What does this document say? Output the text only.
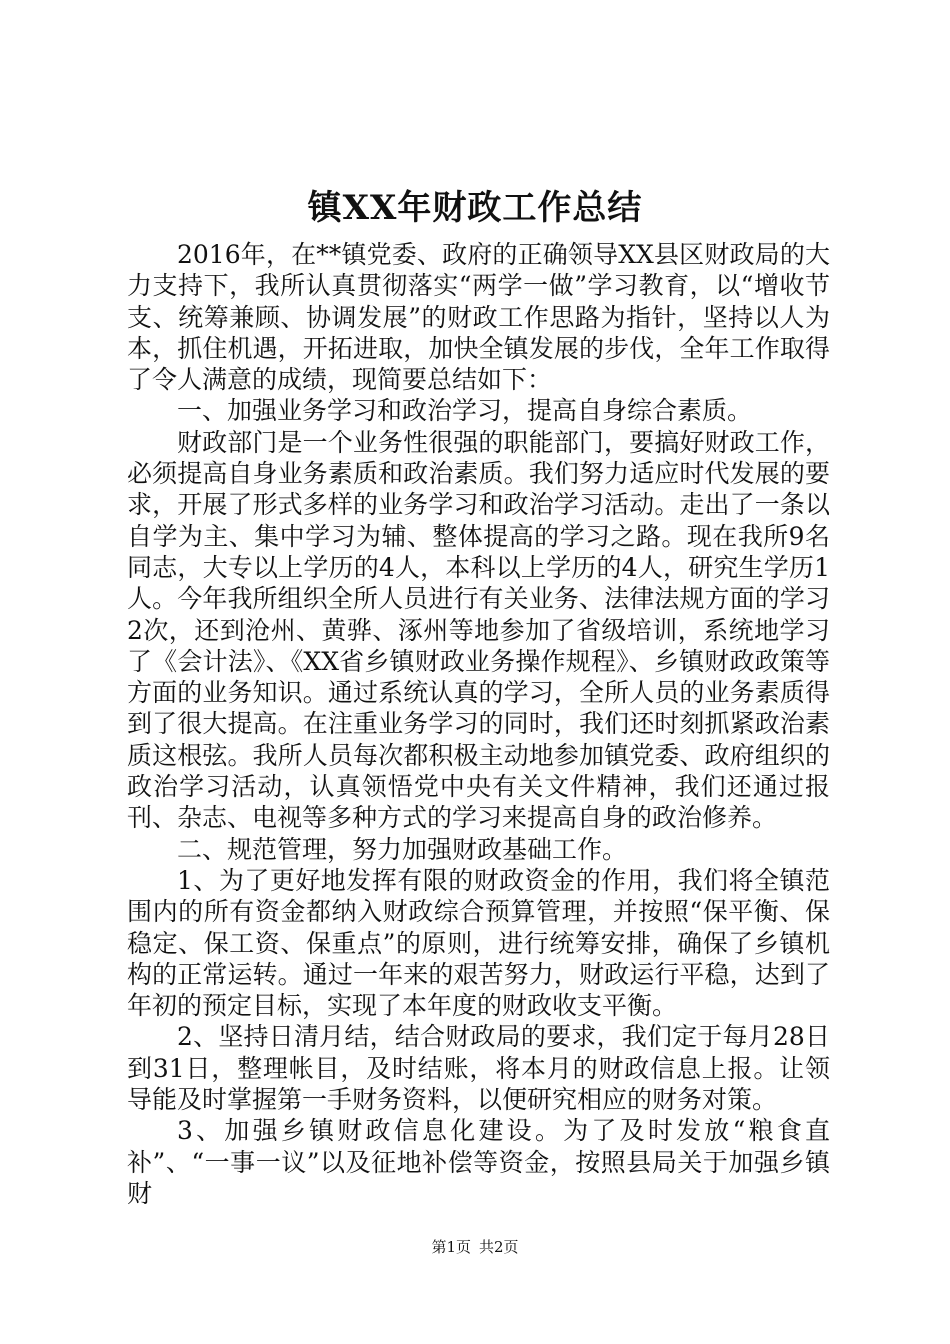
镇XX年财政工作总结

2016年，在**镇党委、政府的正确领导XX县区财政局的大力支持下，我所认真贯彻落实“两学一做”学习教育，以“增收节支、统筹兼顾、协调发展”的财政工作思路为指针，坚持以人为本，抓住机遇，开拓进取，加快全镇发展的步伐，全年工作取得了令人满意的成绩，现简要总结如下：

一、加强业务学习和政治学习，提高自身综合素质。

财政部门是一个业务性很强的职能部门，要搞好财政工作，必须提高自身业务素质和政治素质。我们努力适应时代发展的要求，开展了形式多样的业务学习和政治学习活动。走出了一条以自学为主、集中学习为辅、整体提高的学习之路。现在我所9名同志，大专以上学历的4人，本科以上学历的4人，研究生学历1人。今年我所组织全所人员进行有关业务、法律法规方面的学习2次，还到沧州、黄骅、涿州等地参加了省级培训，系统地学习了《会计法》、《XX省乡镇财政业务操作规程》、乡镇财政政策等方面的业务知识。通过系统认真的学习，全所人员的业务素质得到了很大提高。在注重业务学习的同时，我们还时刻抓紧政治素质这根弦。我所人员每次都积极主动地参加镇党委、政府组织的政治学习活动，认真领悟党中央有关文件精神，我们还通过报刊、杂志、电视等多种方式的学习来提高自身的政治修养。

二、规范管理，努力加强财政基础工作。

1、为了更好地发挥有限的财政资金的作用，我们将全镇范围内的所有资金都纳入财政综合预算管理，并按照“保平衡、保稳定、保工资、保重点”的原则，进行统筹安排，确保了乡镇机构的正常运转。通过一年来的艰苦努力，财政运行平稳，达到了年初的预定目标，实现了本年度的财政收支平衡。

2、坚持日清月结，结合财政局的要求，我们定于每月28日到31日，整理帐目，及时结账，将本月的财政信息上报。让领导能及时掌握第一手财务资料，以便研究相应的财务对策。

3、加强乡镇财政信息化建设。为了及时发放“粮食直补”、“一事一议”以及征地补偿等资金，按照县局关于加强乡镇财

第1页 共2页
